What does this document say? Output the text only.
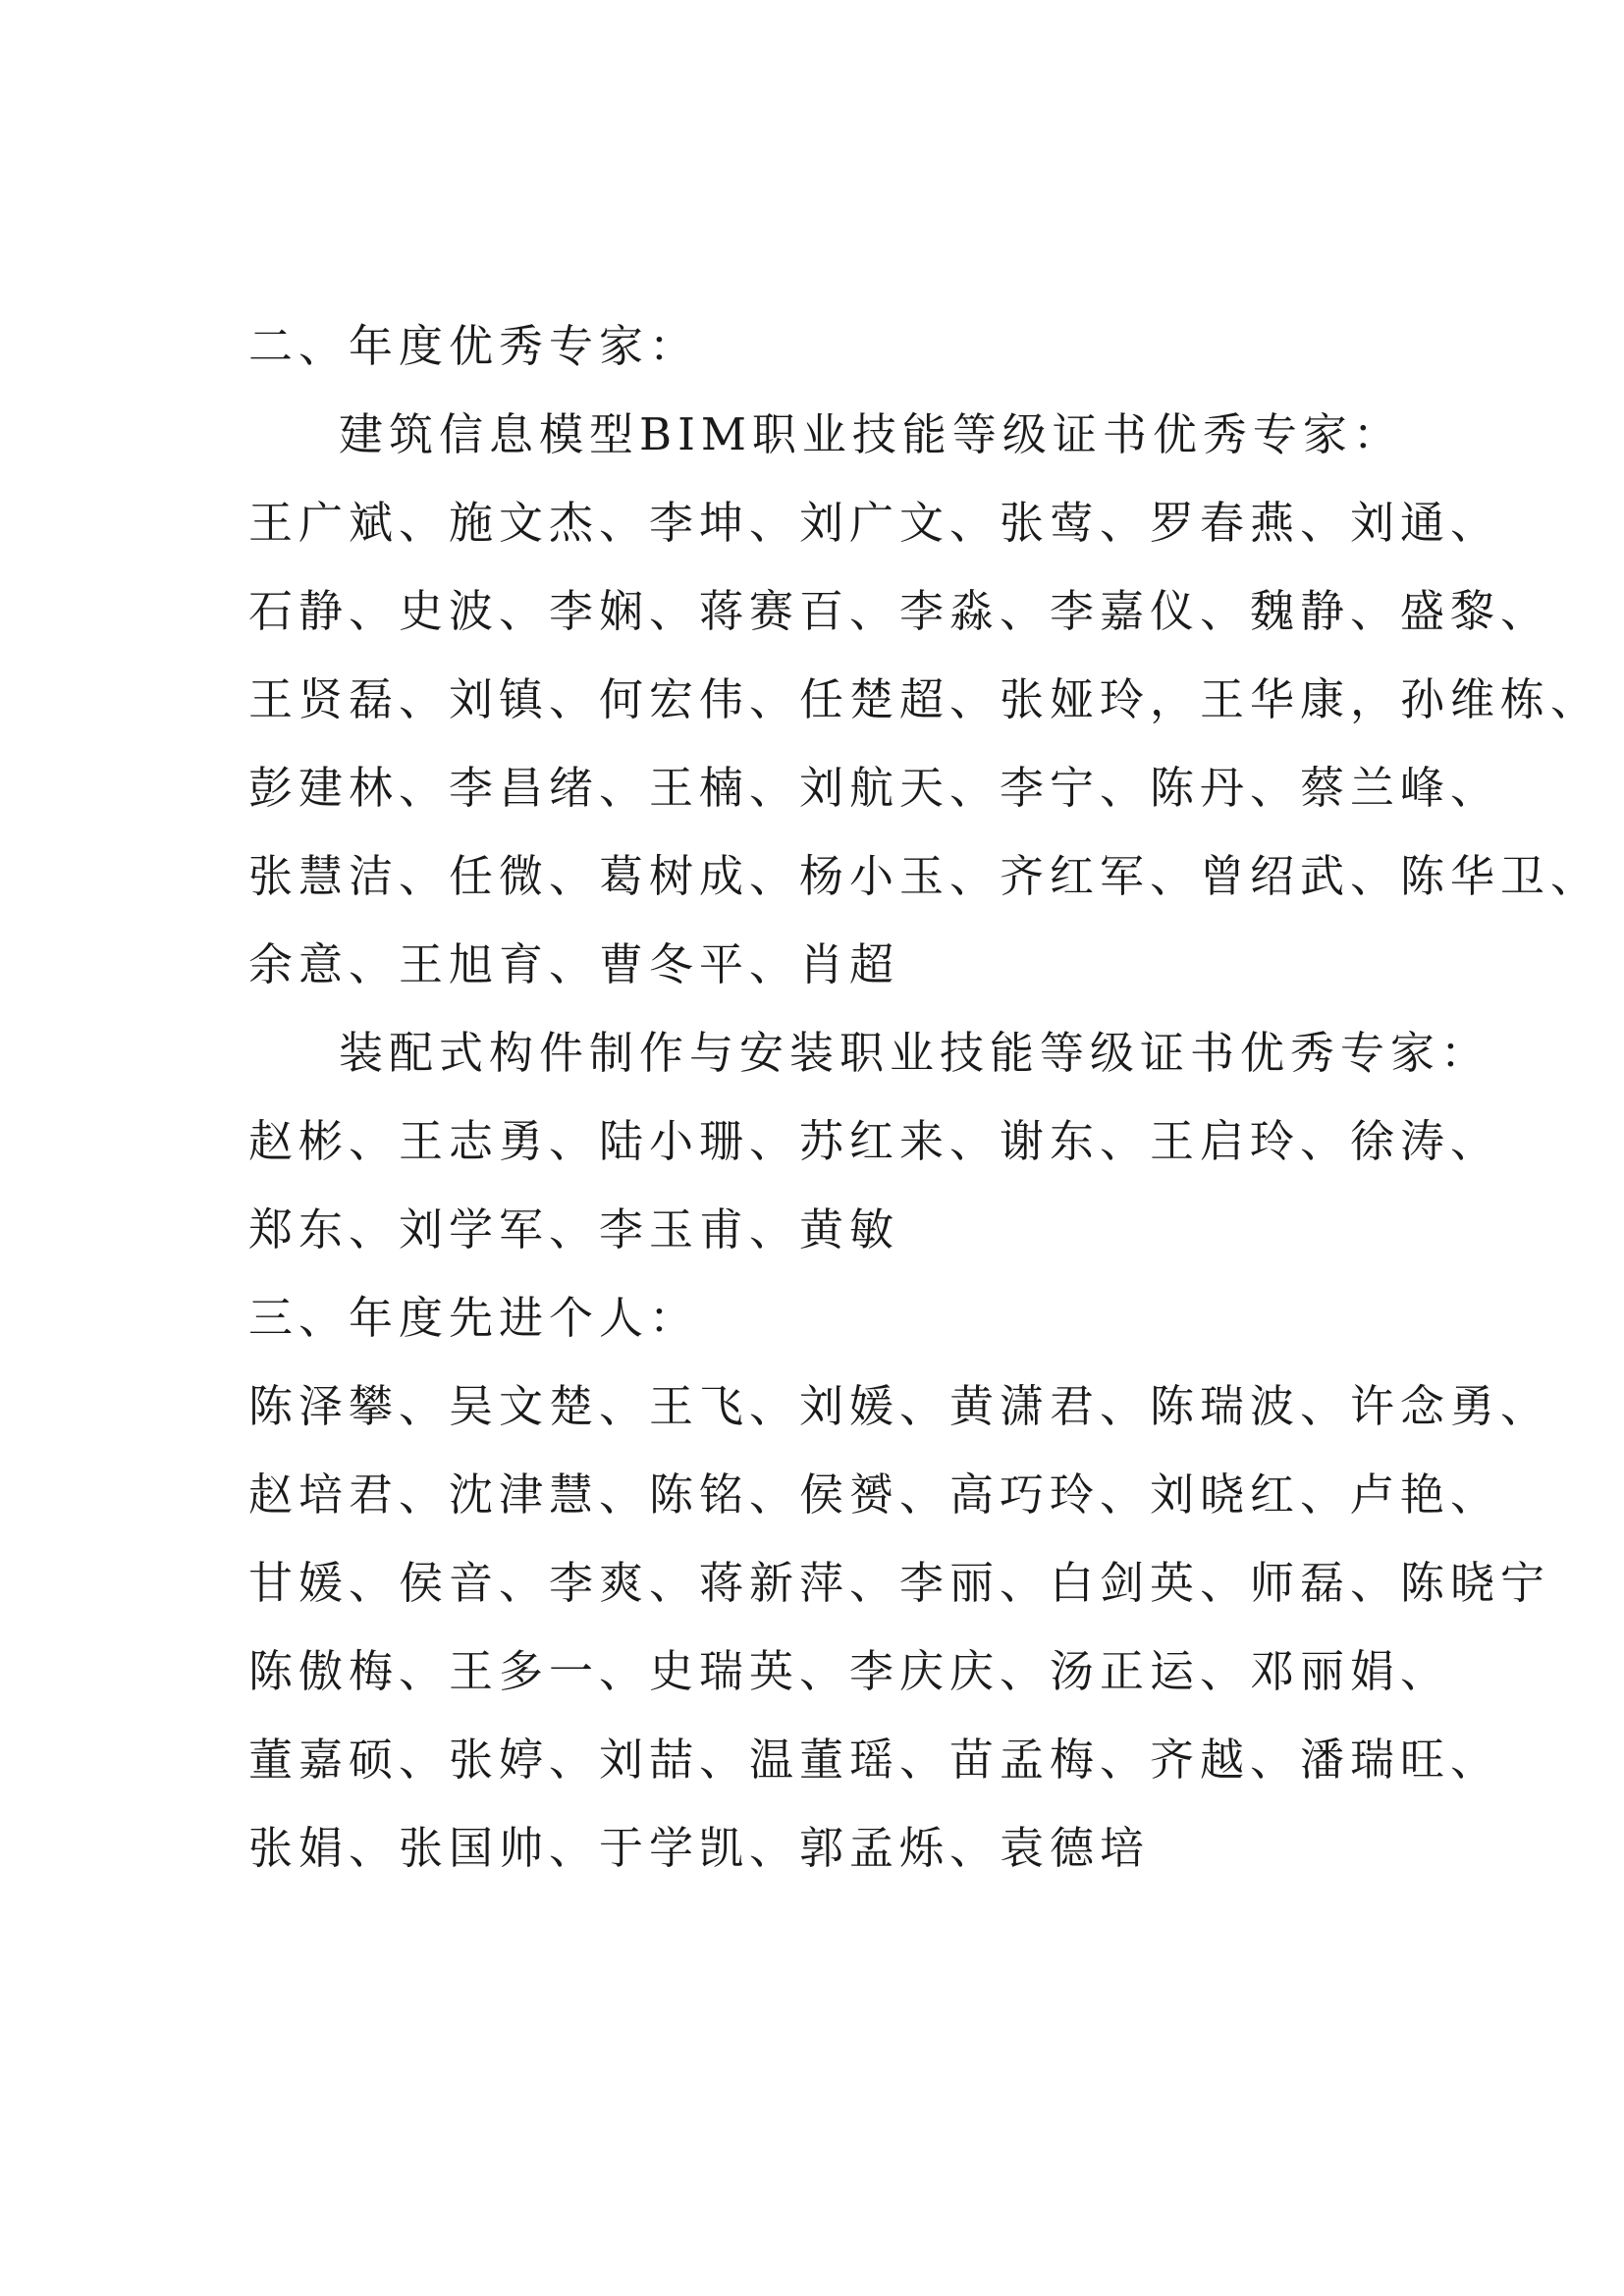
二、年度优秀专家：
建筑信息模型BIM职业技能等级证书优秀专家：
王广斌、施文杰、李坤、刘广文、张莺、罗春燕、刘通、
石静、史波、李娴、蒋赛百、李淼、李嘉仪、魏静、盛黎、
王贤磊、刘镇、何宏伟、任楚超、张娅玲，王华康，孙维栋、
彭建林、李昌绪、王楠、刘航天、李宁、陈丹、蔡兰峰、
张慧洁、任微、葛树成、杨小玉、齐红军、曾绍武、陈华卫、
余意、王旭育、曹冬平、肖超
装配式构件制作与安装职业技能等级证书优秀专家：
赵彬、王志勇、陆小珊、苏红来、谢东、王启玲、徐涛、
郑东、刘学军、李玉甫、黄敏
三、年度先进个人：
陈泽攀、吴文楚、王飞、刘媛、黄潇君、陈瑞波、许念勇、
赵培君、沈津慧、陈铭、侯赟、高巧玲、刘晓红、卢艳、
甘媛、侯音、李爽、蒋新萍、李丽、白剑英、师磊、陈晓宁
陈傲梅、王多一、史瑞英、李庆庆、汤正运、邓丽娟、
董嘉硕、张婷、刘喆、温董瑶、苗孟梅、齐越、潘瑞旺、
张娟、张国帅、于学凯、郭孟烁、袁德培
